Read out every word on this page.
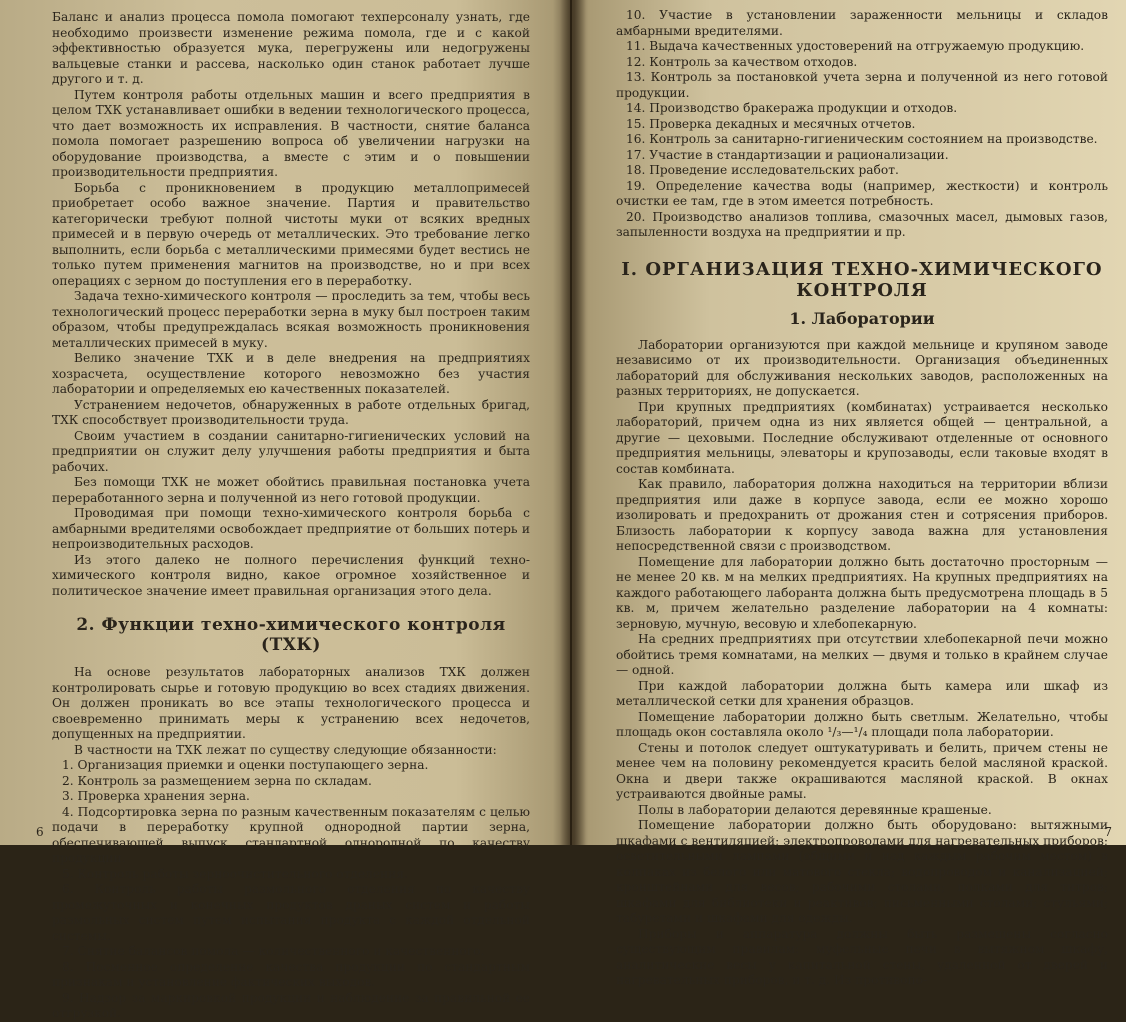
Баланс и анализ процесса помола помогают техперсоналу узнать, где необходимо произвести изменение режима помола, где и с какой эффективностью образуется мука, перегружены или недогружены вальцевые станки и рассева, насколько один станок работает лучше другого и т. д.

Путем контроля работы отдельных машин и всего предприятия в целом ТХК устанавливает ошибки в ведении технологического процесса, что дает возможность их исправления. В частности, снятие баланса помола помогает разрешению вопроса об увеличении нагрузки на оборудование производства, а вместе с этим и о повышении производительности предприятия.

Борьба с проникновением в продукцию металлопримесей приобретает особо важное значение. Партия и правительство категорически требуют полной чистоты муки от всяких вредных примесей и в первую очередь от металлических. Это требование легко выполнить, если борьба с металлическими примесями будет вестись не только путем применения магнитов на производстве, но и при всех операциях с зерном до поступления его в переработку.

Задача техно-химического контроля — проследить за тем, чтобы весь технологический процесс переработки зерна в муку был построен таким образом, чтобы предупреждалась всякая возможность проникновения металлических примесей в муку.

Велико значение ТХК и в деле внедрения на предприятиях хозрасчета, осуществление которого невозможно без участия лаборатории и определяемых ею качественных показателей.

Устранением недочетов, обнаруженных в работе отдельных бригад, ТХК способствует производительности труда.

Своим участием в создании санитарно-гигиенических условий на предприятии он служит делу улучшения работы предприятия и быта рабочих.

Без помощи ТХК не может обойтись правильная постановка учета переработанного зерна и полученной из него готовой продукции.

Проводимая при помощи техно-химического контроля борьба с амбарными вредителями освобождает предприятие от больших потерь и непроизводительных расходов.

Из этого далеко не полного перечисления функций техно-химического контроля видно, какое огромное хозяйственное и политическое значение имеет правильная организация этого дела.

2. Функции техно-химического контроля (ТХК)

На основе результатов лабораторных анализов ТХК должен контролировать сырье и готовую продукцию во всех стадиях движения. Он должен проникать во все этапы технологического процесса и своевременно принимать меры к устранению всех недочетов, допущенных на предприятии.

В частности на ТХК лежат по существу следующие обязанности:

1. Организация приемки и оценки поступающего зерна.

2. Контроль за размещением зерна по складам.

3. Проверка хранения зерна.

4. Подсортировка зерна по разным качественным показателям с целью подачи в переработку крупной однородной партии зерна, обеспечивающей выпуск стандартной однородной по качеству продукции.

5. Контроль работы зерноочистительного отделения.

6. Контроль работы размольного отделения по качеству промежуточных и конечных продуктов драных систем и работы размольных систем путем испытания продукта с каждой отдельной системы.

7. Снятие балансов помола — количественного и качественного.

8. Посменное определение качества продукции по стандартным признакам и установление фактических выходов.

9. Надзор за маркировкой продукции и наблюдение за правильной ее отгрузкой.

6

10. Участие в установлении зараженности мельницы и складов амбарными вредителями.

11. Выдача качественных удостоверений на отгружаемую продукцию.

12. Контроль за качеством отходов.

13. Контроль за постановкой учета зерна и полученной из него готовой продукции.

14. Производство бракеража продукции и отходов.

15. Проверка декадных и месячных отчетов.

16. Контроль за санитарно-гигиеническим состоянием на производстве.

17. Участие в стандартизации и рационализации.

18. Проведение исследовательских работ.

19. Определение качества воды (например, жесткости) и контроль очистки ее там, где в этом имеется потребность.

20. Производство анализов топлива, смазочных масел, дымовых газов, запыленности воздуха на предприятии и пр.

I. ОРГАНИЗАЦИЯ ТЕХНО-ХИМИЧЕСКОГО КОНТРОЛЯ
1. Лаборатории

Лаборатории организуются при каждой мельнице и крупяном заводе независимо от их производительности. Организация объединенных лабораторий для обслуживания нескольких заводов, расположенных на разных территориях, не допускается.

При крупных предприятиях (комбинатах) устраивается несколько лабораторий, причем одна из них является общей — центральной, а другие — цеховыми. Последние обслуживают отделенные от основного предприятия мельницы, элеваторы и крупозаводы, если таковые входят в состав комбината.

Как правило, лаборатория должна находиться на территории вблизи предприятия или даже в корпусе завода, если ее можно хорошо изолировать и предохранить от дрожания стен и сотрясения приборов. Близость лаборатории к корпусу завода важна для установления непосредственной связи с производством.

Помещение для лаборатории должно быть достаточно просторным — не менее 20 кв. м на мелких предприятиях. На крупных предприятиях на каждого работающего лаборанта должна быть предусмотрена площадь в 5 кв. м, причем желательно разделение лаборатории на 4 комнаты: зерновую, мучную, весовую и хлебопекарную.

На средних предприятиях при отсутствии хлебопекарной печи можно обойтись тремя комнатами, на мелких — двумя и только в крайнем случае — одной.

При каждой лаборатории должна быть камера или шкаф из металлической сетки для хранения образцов.

Помещение лаборатории должно быть светлым. Желательно, чтобы площадь окон составляла около ¹/₃—¹/₄ площади пола лаборатории.

Стены и потолок следует оштукатуривать и белить, причем стены не менее чем на половину рекомендуется красить белой масляной краской. Окна и двери также окрашиваются масляной краской. В окнах устраиваются двойные рамы.

Полы в лаборатории делаются деревянные крашеные.

Помещение лаборатории должно быть оборудовано: вытяжными шкафами с вентиляцией; электропроводами для нагревательных приборов; осветительными лампами (общими и над каждым рабочим местом) в колпаках из белого или матового стекла; водопроводом и канализацией; кронштейнами для весов; рабочими столами; полками для титров; шкафами для библиотеки и реактивов; письменными столами; стульями; табуретами и шкафами для одежды.

Приборы и аппаратура должны быть размещены согласно существующим правилам: муфельные печи в вытяжном шкафу, аналитические весы у капитальной стены, удаленной от дверей и нагревательных приборов, и т. д. Из противопо-

7
